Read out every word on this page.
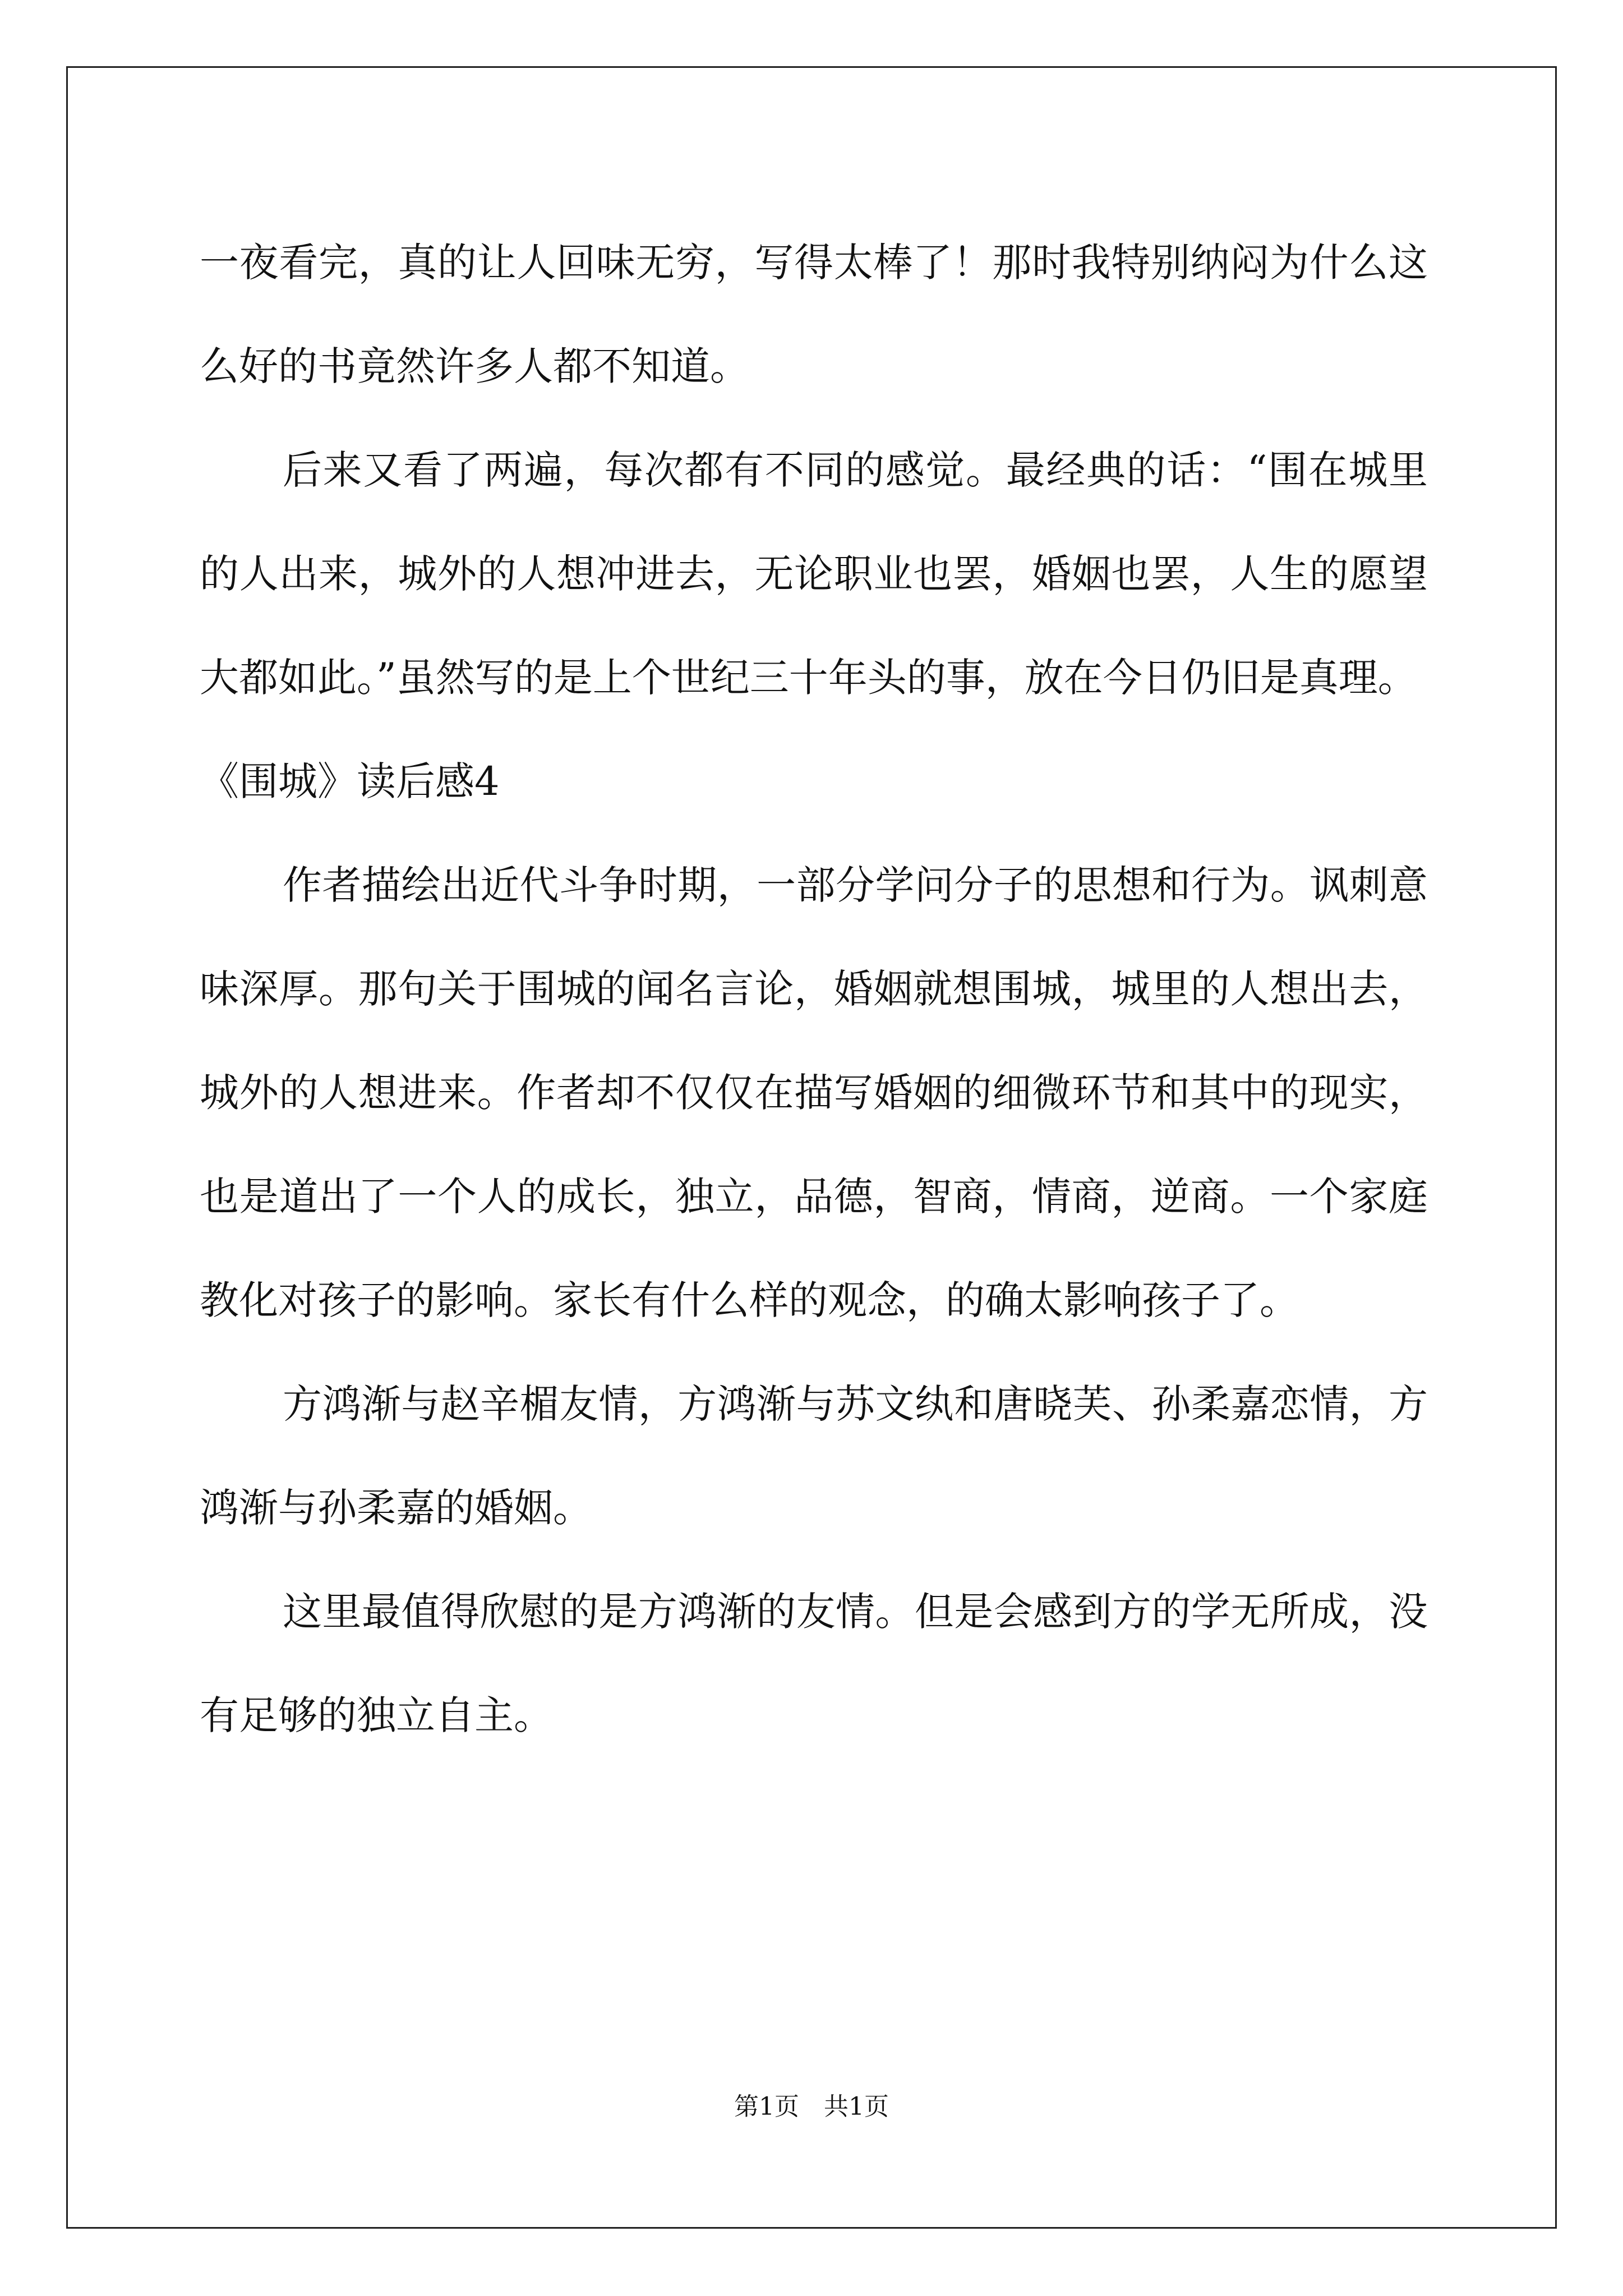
一夜看完，真的让人回味无穷，写得太棒了！那时我特别纳闷为什么这么好的书竟然许多人都不知道。

后来又看了两遍，每次都有不同的感觉。最经典的话：“围在城里的人出来，城外的人想冲进去，无论职业也罢，婚姻也罢，人生的愿望大都如此。”虽然写的是上个世纪三十年头的事，放在今日仍旧是真理。

《围城》读后感4

作者描绘出近代斗争时期，一部分学问分子的思想和行为。讽刺意味深厚。那句关于围城的闻名言论，婚姻就想围城，城里的人想出去，城外的人想进来。作者却不仅仅在描写婚姻的细微环节和其中的现实，也是道出了一个人的成长，独立，品德，智商，情商，逆商。一个家庭教化对孩子的影响。家长有什么样的观念，的确太影响孩子了。

方鸿渐与赵辛楣友情，方鸿渐与苏文纨和唐晓芙、孙柔嘉恋情，方鸿渐与孙柔嘉的婚姻。

这里最值得欣慰的是方鸿渐的友情。但是会感到方的学无所成，没有足够的独立自主。

第1页　共1页
